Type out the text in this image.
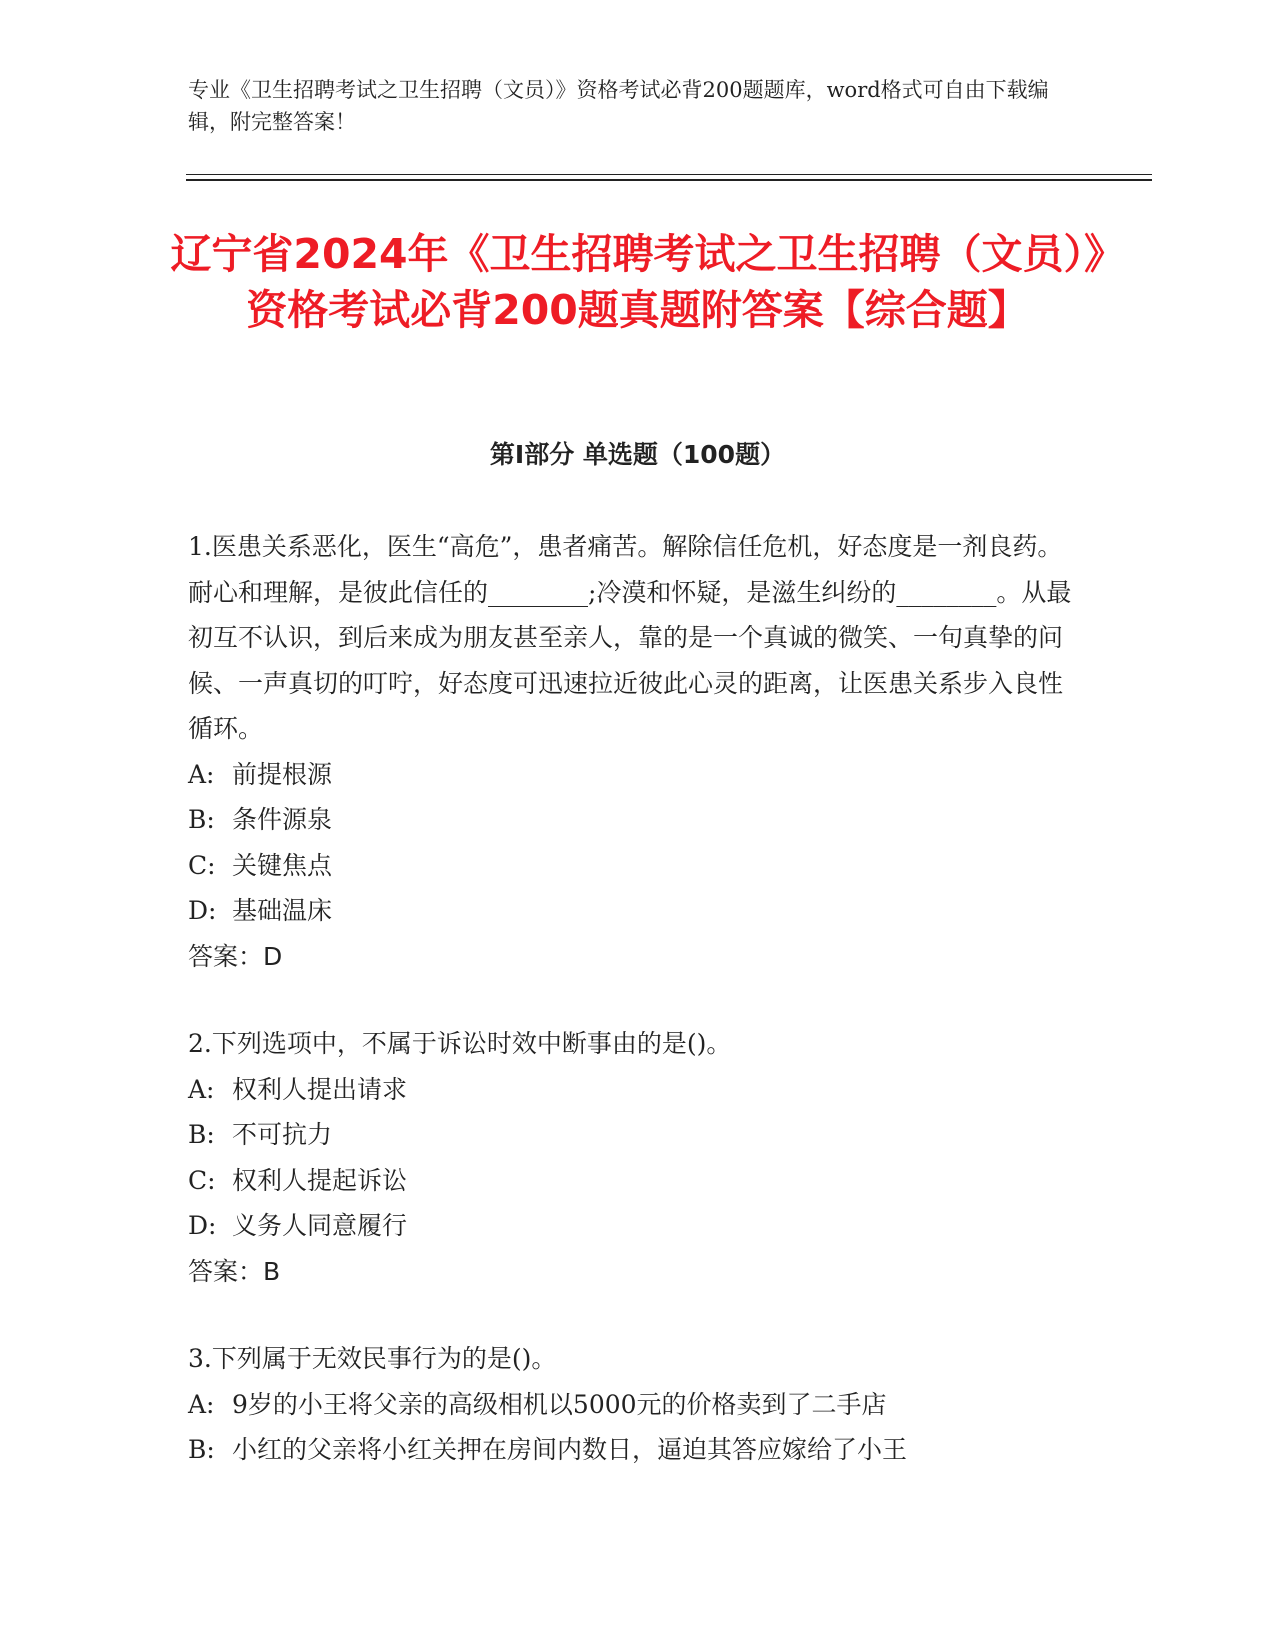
专业《卫生招聘考试之卫生招聘（文员）》资格考试必背200题题库，word格式可自由下载编辑，附完整答案！
辽宁省2024年《卫生招聘考试之卫生招聘（文员）》资格考试必背200题真题附答案【综合题】
第Ⅰ部分 单选题（100题）

1.医患关系恶化，医生“高危”，患者痛苦。解除信任危机，好态度是一剂良药。耐心和理解，是彼此信任的________;冷漠和怀疑，是滋生纠纷的________。从最初互不认识，到后来成为朋友甚至亲人，靠的是一个真诚的微笑、一句真挚的问候、一声真切的叮咛，好态度可迅速拉近彼此心灵的距离，让医患关系步入良性循环。

A: 前提根源

B: 条件源泉

C: 关键焦点

D: 基础温床

答案：D

2.下列选项中，不属于诉讼时效中断事由的是()。

A: 权利人提出请求

B: 不可抗力

C: 权利人提起诉讼

D: 义务人同意履行

答案：B

3.下列属于无效民事行为的是()。

A: 9岁的小王将父亲的高级相机以5000元的价格卖到了二手店

B: 小红的父亲将小红关押在房间内数日，逼迫其答应嫁给了小王
